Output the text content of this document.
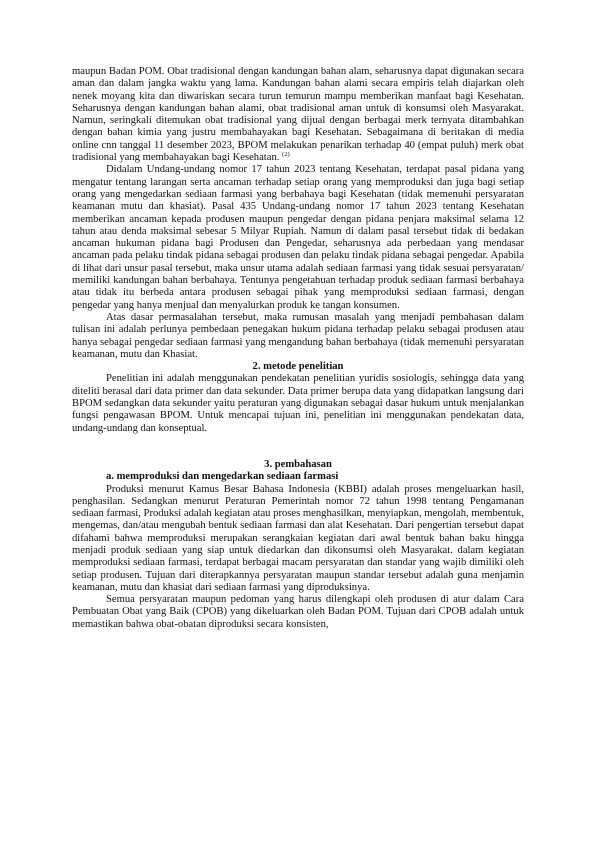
maupun Badan POM. Obat tradisional dengan kandungan bahan alam, seharusnya dapat digunakan secara aman dan dalam jangka waktu yang lama. Kandungan bahan alami secara empiris telah diajarkan oleh nenek moyang kita dan diwariskan secara turun temurun mampu memberikan manfaat bagi Kesehatan. Seharusnya dengan kandungan bahan alami, obat tradisional aman untuk di konsumsi oleh Masyarakat. Namun, seringkali ditemukan obat tradisional yang dijual dengan berbagai merk ternyata ditambahkan dengan bahan kimia yang justru membahayakan bagi Kesehatan. Sebagaimana di beritakan di media online cnn tanggal 11 desember 2023, BPOM melakukan penarikan terhadap 40 (empat puluh) merk obat tradisional yang membahayakan bagi Kesehatan. $^{(2)}$

Didalam Undang-undang nomor 17 tahun 2023 tentang Kesehatan, terdapat pasal pidana yang mengatur tentang larangan serta ancaman terhadap setiap orang yang memproduksi dan juga bagi setiap orang yang mengedarkan sediaan farmasi yang berbahaya bagi Kesehatan (tidak memenuhi persyaratan keamanan mutu dan khasiat). Pasal 435 Undang-undang nomor 17 tahun 2023 tentang Kesehatan memberikan ancaman kepada produsen maupun pengedar dengan pidana penjara maksimal selama 12 tahun atau denda maksimal sebesar 5 Milyar Rupiah. Namun di dalam pasal tersebut tidak di bedakan ancaman hukuman pidana bagi Produsen dan Pengedar, seharusnya ada perbedaan yang mendasar ancaman pada pelaku tindak pidana sebagai produsen dan pelaku tindak pidana sebagai pengedar. Apabila di lihat dari unsur pasal tersebut, maka unsur utama adalah sediaan farmasi yang tidak sesuai persyaratan/ memiliki kandungan bahan berbahaya. Tentunya pengetahuan terhadap produk sediaan farmasi berbahaya atau tidak itu berbeda antara produsen sebagai pihak yang memproduksi sediaan farmasi, dengan pengedar yang hanya menjual dan menyalurkan produk ke tangan konsumen.

Atas dasar permasalahan tersebut, maka rumusan masalah yang menjadi pembahasan dalam tulisan ini adalah perlunya pembedaan penegakan hukum pidana terhadap pelaku sebagai produsen atau hanya sebagai pengedar sediaan farmasi yang mengandung bahan berbahaya (tidak memenuhi persyaratan keamanan, mutu dan Khasiat.

2. metode penelitian

Penelitian ini adalah menggunakan pendekatan penelitian yuridis sosiologis, sehingga data yang diteliti berasal dari data primer dan data sekunder. Data primer berupa data yang didapatkan langsung dari BPOM sedangkan data sekunder yaitu peraturan yang digunakan sebagai dasar hukum untuk menjalankan fungsi pengawasan BPOM. Untuk mencapai tujuan ini, penelitian ini menggunakan pendekatan data, undang-undang dan konseptual.

3. pembahasan
a. memproduksi dan mengedarkan sediaan farmasi

Produksi menurut Kamus Besar Bahasa Indonesia (KBBI) adalah proses mengeluarkan hasil, penghasilan. Sedangkan menurut Peraturan Pemerintah nomor 72 tahun 1998 tentang Pengamanan sediaan farmasi, Produksi adalah kegiatan atau proses menghasilkan, menyiapkan, mengolah, membentuk, mengemas, dan/atau mengubah bentuk sediaan farmasi dan alat Kesehatan. Dari pengertian tersebut dapat difahami bahwa memproduksi merupakan serangkaian kegiatan dari awal bentuk bahan baku hingga menjadi produk sediaan yang siap untuk diedarkan dan dikonsumsi oleh Masyarakat. dalam kegiatan memproduksi sediaan farmasi, terdapat berbagai macam persyaratan dan standar yang wajib dimiliki oleh setiap produsen. Tujuan dari diterapkannya persyaratan maupun standar tersebut adalah guna menjamin keamanan, mutu dan khasiat dari sediaan farmasi yang diproduksinya.

Semua persyaratan maupun pedoman yang harus dilengkapi oleh produsen di atur dalam Cara Pembuatan Obat yang Baik (CPOB) yang dikeluarkan oleh Badan POM. Tujuan dari CPOB adalah untuk memastikan bahwa obat-obatan diproduksi secara konsisten,
